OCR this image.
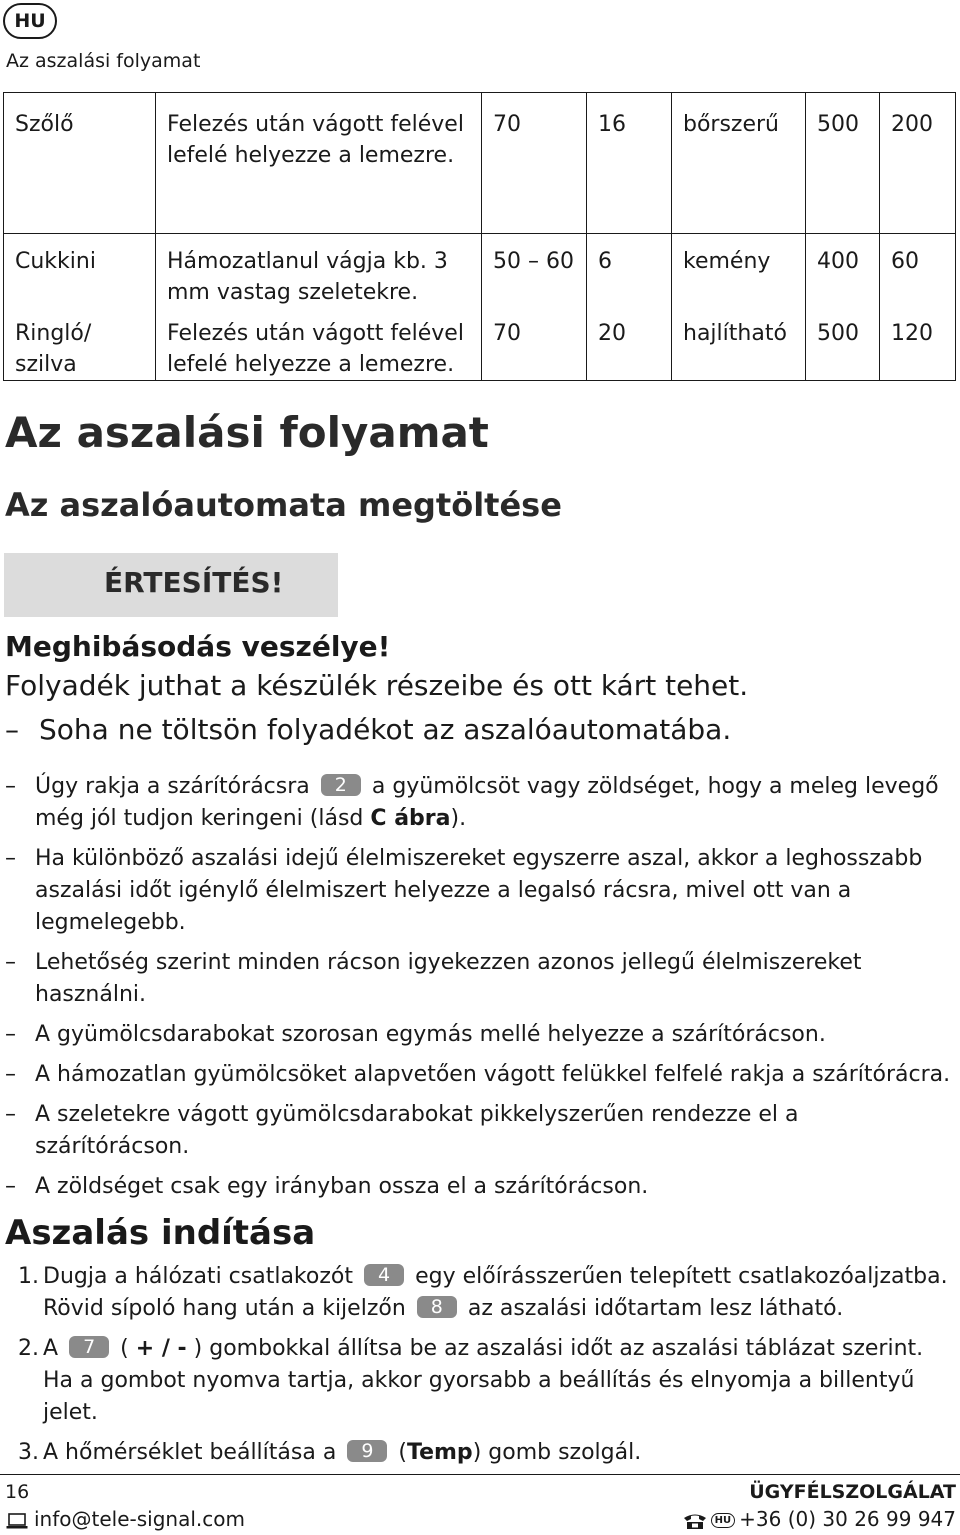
HU
Az aszalási folyamat
Szőlő	Felezés után vágott felével lefelé helyezze a lemezre.	70	16	bőrszerű	500	200
Cukkini	Hámozatlanul vágja kb. 3 mm vastag szeletekre.	50 – 60	6	kemény	400	60
Ringló/ szilva	Felezés után vágott felével lefelé helyezze a lemezre.	70	20	hajlítható	500	120
Az aszalási folyamat
Az aszalóautomata megtöltése
ÉRTESÍTÉS!
Meghibásodás veszélye!
Folyadék juthat a készülék részeibe és ott kárt tehet.
– Soha ne töltsön folyadékot az aszalóautomatába.
– Úgy rakja a szárítórácsra 2 a gyümölcsöt vagy zöldséget, hogy a meleg levegő még jól tudjon keringeni (lásd C ábra).
– Ha különböző aszalási idejű élelmiszereket egyszerre aszal, akkor a leghosszabb aszalási időt igénylő élelmiszert helyezze a legalsó rácsra, mivel ott van a legmelegebb.
– Lehetőség szerint minden rácson igyekezzen azonos jellegű élelmiszereket használni.
– A gyümölcsdarabokat szorosan egymás mellé helyezze a szárítórácson.
– A hámozatlan gyümölcsöket alapvetően vágott felükkel felfelé rakja a szárítórácra.
– A szeletekre vágott gyümölcsdarabokat pikkelyszerűen rendezze el a szárítórácson.
– A zöldséget csak egy irányban ossza el a szárítórácson.
Aszalás indítása
1. Dugja a hálózati csatlakozót 4 egy előírásszerűen telepített csatlakozóaljzatba. Rövid sípoló hang után a kijelzőn 8 az aszalási időtartam lesz látható.
2. A 7 ( + / - ) gombokkal állítsa be az aszalási időt az aszalási táblázat szerint. Ha a gombot nyomva tartja, akkor gyorsabb a beállítás és elnyomja a billentyű jelet.
3. A hőmérséklet beállítása a 9 (Temp) gomb szolgál.
16
info@tele-signal.com
ÜGYFÉLSZOLGÁLAT
HU +36 (0) 30 26 99 947
